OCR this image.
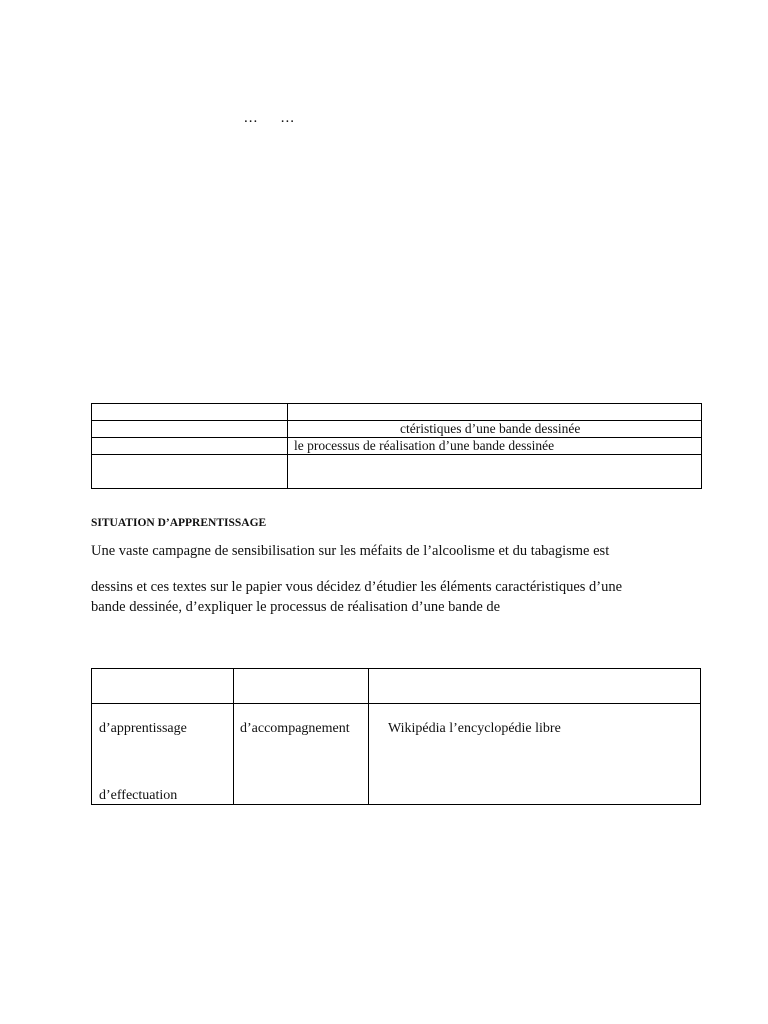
... ...

	ctéristiques d’une bande dessinée
	le processus de réalisation d’une bande dessinée

SITUATION D’APPRENTISSAGE
Une vaste campagne de sensibilisation sur les méfaits de l’alcoolisme et du tabagisme est
dessins et ces textes sur le papier vous décidez d’étudier les éléments caractéristiques d’une
bande dessinée, d’expliquer le processus de réalisation d’une bande de

d’apprentissage
d’effectuation	d’accompagnement	Wikipédia l’encyclopédie libre
